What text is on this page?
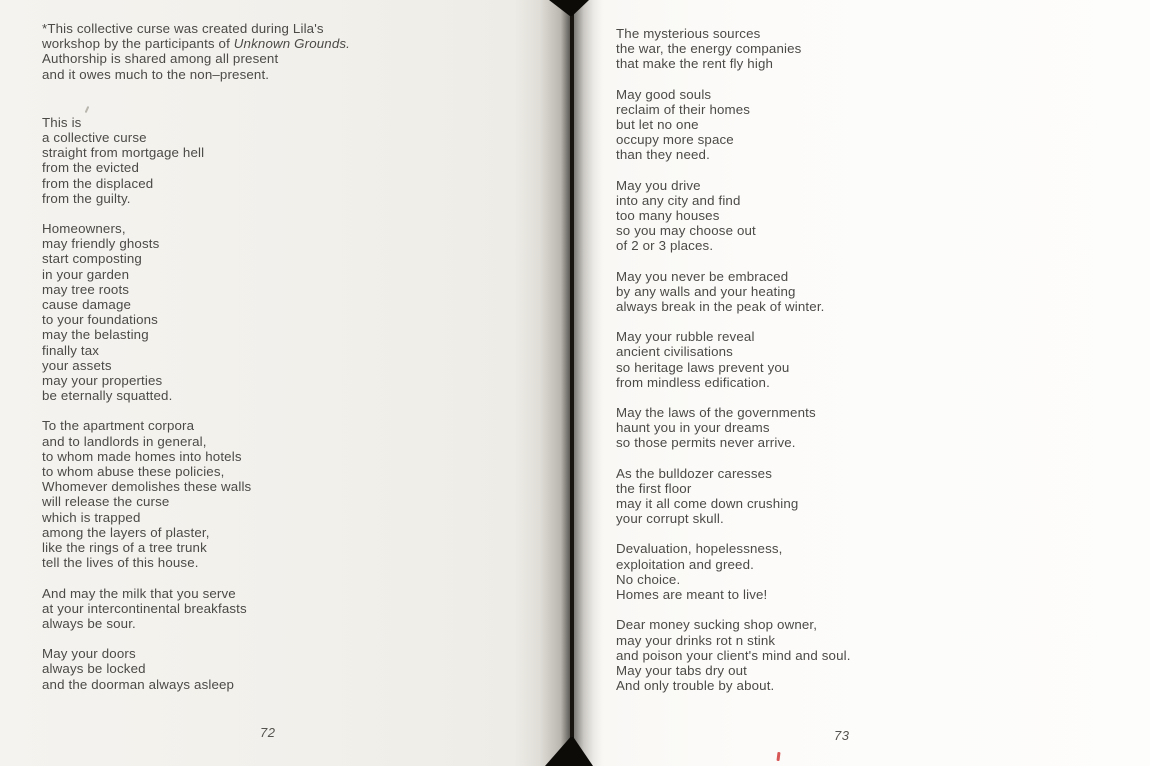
*This collective curse was created during Lila's
workshop by the participants of Unknown Grounds.
Authorship is shared among all present
and it owes much to the non–present.
This is
a collective curse
straight from mortgage hell
from the evicted
from the displaced
from the guilty.
Homeowners,
may friendly ghosts
start composting
in your garden
may tree roots
cause damage
to your foundations
may the belasting
finally tax
your assets
may your properties
be eternally squatted.
To the apartment corpora
and to landlords in general,
to whom made homes into hotels
to whom abuse these policies,
Whomever demolishes these walls
will release the curse
which is trapped
among the layers of plaster,
like the rings of a tree trunk
tell the lives of this house.
And may the milk that you serve
at your intercontinental breakfasts
always be sour.
May your doors
always be locked
and the doorman always asleep
The mysterious sources
the war, the energy companies
that make the rent fly high
May good souls
reclaim of their homes
but let no one
occupy more space
than they need.
May you drive
into any city and find
too many houses
so you may choose out
of 2 or 3 places.
May you never be embraced
by any walls and your heating
always break in the peak of winter.
May your rubble reveal
ancient civilisations
so heritage laws prevent you
from mindless edification.
May the laws of the governments
haunt you in your dreams
so those permits never arrive.
As the bulldozer caresses
the first floor
may it all come down crushing
your corrupt skull.
Devaluation, hopelessness,
exploitation and greed.
No choice.
Homes are meant to live!
Dear money sucking shop owner,
may your drinks rot n stink
and poison your client's mind and soul.
May your tabs dry out
And only trouble by about.
72	73
